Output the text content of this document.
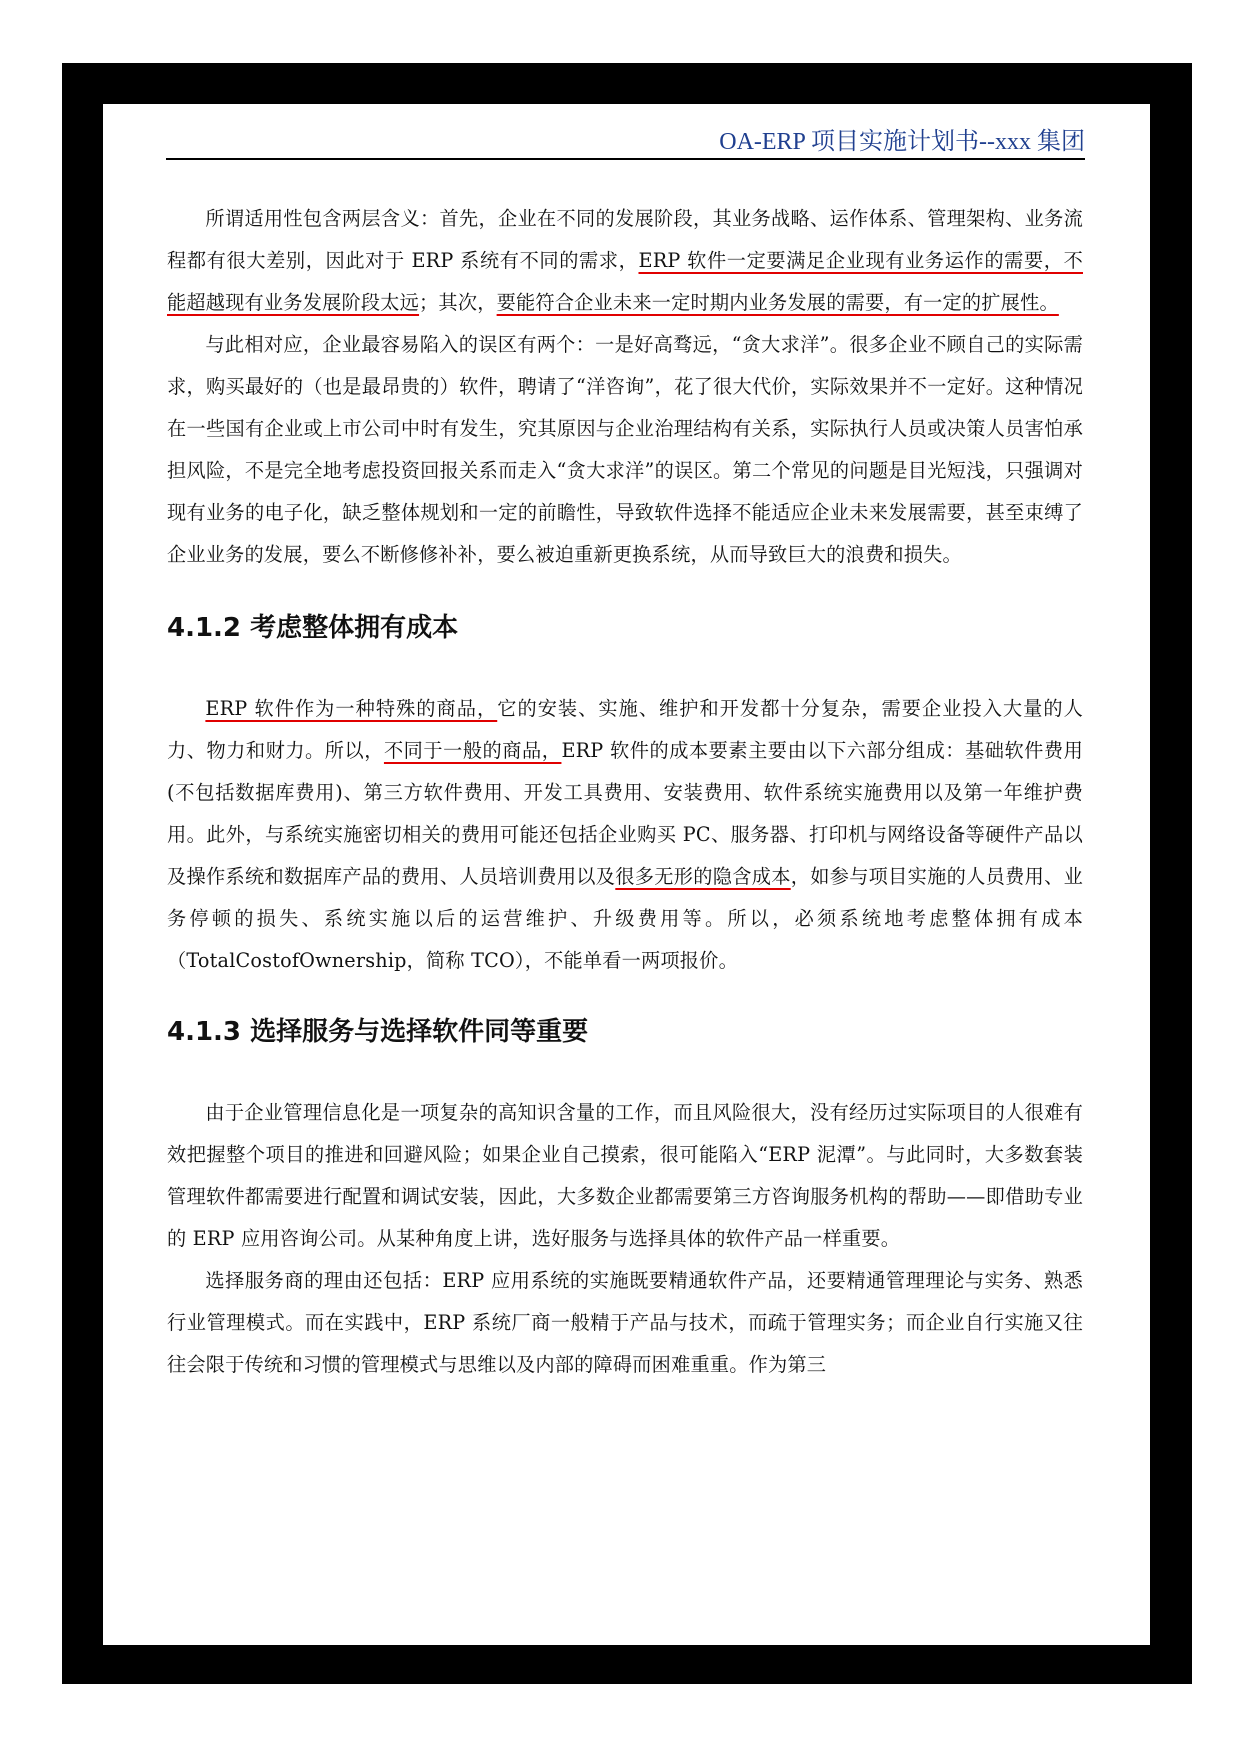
OA-ERP 项目实施计划书--xxx 集团

所谓适用性包含两层含义：首先，企业在不同的发展阶段，其业务战略、运作体系、管理架构、业务流程都有很大差别，因此对于 ERP 系统有不同的需求，ERP 软件一定要满足企业现有业务运作的需要，不能超越现有业务发展阶段太远；其次，要能符合企业未来一定时期内业务发展的需要，有一定的扩展性。

与此相对应，企业最容易陷入的误区有两个：一是好高骛远，“贪大求洋”。很多企业不顾自己的实际需求，购买最好的（也是最昂贵的）软件，聘请了“洋咨询”，花了很大代价，实际效果并不一定好。这种情况在一些国有企业或上市公司中时有发生，究其原因与企业治理结构有关系，实际执行人员或决策人员害怕承担风险，不是完全地考虑投资回报关系而走入“贪大求洋”的误区。第二个常见的问题是目光短浅，只强调对现有业务的电子化，缺乏整体规划和一定的前瞻性，导致软件选择不能适应企业未来发展需要，甚至束缚了企业业务的发展，要么不断修修补补，要么被迫重新更换系统，从而导致巨大的浪费和损失。

4.1.2 考虑整体拥有成本

ERP 软件作为一种特殊的商品，它的安装、实施、维护和开发都十分复杂，需要企业投入大量的人力、物力和财力。所以，不同于一般的商品，ERP 软件的成本要素主要由以下六部分组成：基础软件费用(不包括数据库费用)、第三方软件费用、开发工具费用、安装费用、软件系统实施费用以及第一年维护费用。此外，与系统实施密切相关的费用可能还包括企业购买 PC、服务器、打印机与网络设备等硬件产品以及操作系统和数据库产品的费用、人员培训费用以及很多无形的隐含成本，如参与项目实施的人员费用、业务停顿的损失、系统实施以后的运营维护、升级费用等。所以，必须系统地考虑整体拥有成本（TotalCostofOwnership，简称 TCO），不能单看一两项报价。

4.1.3 选择服务与选择软件同等重要

由于企业管理信息化是一项复杂的高知识含量的工作，而且风险很大，没有经历过实际项目的人很难有效把握整个项目的推进和回避风险；如果企业自己摸索，很可能陷入“ERP 泥潭”。与此同时，大多数套装管理软件都需要进行配置和调试安装，因此，大多数企业都需要第三方咨询服务机构的帮助——即借助专业的 ERP 应用咨询公司。从某种角度上讲，选好服务与选择具体的软件产品一样重要。

选择服务商的理由还包括：ERP 应用系统的实施既要精通软件产品，还要精通管理理论与实务、熟悉行业管理模式。而在实践中，ERP 系统厂商一般精于产品与技术，而疏于管理实务；而企业自行实施又往往会限于传统和习惯的管理模式与思维以及内部的障碍而困难重重。作为第三
